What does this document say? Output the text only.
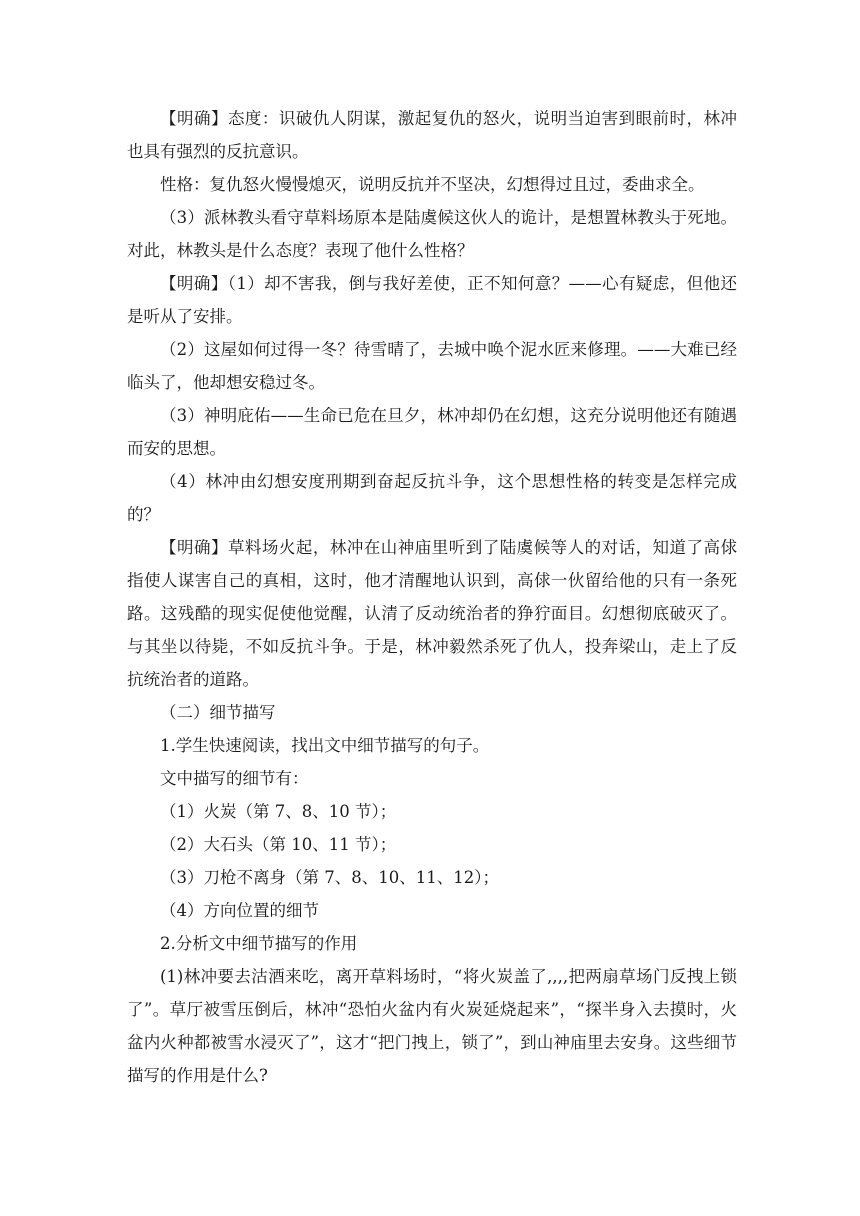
【明确】态度：识破仇人阴谋，激起复仇的怒火，说明当迫害到眼前时，林冲也具有强烈的反抗意识。

性格：复仇怒火慢慢熄灭，说明反抗并不坚决，幻想得过且过，委曲求全。

（3）派林教头看守草料场原本是陆虞候这伙人的诡计，是想置林教头于死地。对此，林教头是什么态度？表现了他什么性格？

【明确】（1）却不害我，倒与我好差使，正不知何意？——心有疑虑，但他还是听从了安排。

（2）这屋如何过得一冬？待雪晴了，去城中唤个泥水匠来修理。——大难已经临头了，他却想安稳过冬。

（3）神明庇佑——生命已危在旦夕，林冲却仍在幻想，这充分说明他还有随遇而安的思想。

（4）林冲由幻想安度刑期到奋起反抗斗争，这个思想性格的转变是怎样完成的？

【明确】草料场火起，林冲在山神庙里听到了陆虞候等人的对话，知道了高俅指使人谋害自己的真相，这时，他才清醒地认识到，高俅一伙留给他的只有一条死路。这残酷的现实促使他觉醒，认清了反动统治者的狰狞面目。幻想彻底破灭了。与其坐以待毙，不如反抗斗争。于是，林冲毅然杀死了仇人，投奔梁山，走上了反抗统治者的道路。

（二）细节描写

1.学生快速阅读，找出文中细节描写的句子。

文中描写的细节有：

（1）火炭（第 7、8、10 节）；

（2）大石头（第 10、11 节）；

（3）刀枪不离身（第 7、8、10、11、12）；

（4）方向位置的细节

2.分析文中细节描写的作用

(1)林冲要去沽酒来吃，离开草料场时，“将火炭盖了,,,,把两扇草场门反拽上锁了”。草厅被雪压倒后，林冲“恐怕火盆内有火炭延烧起来”，“探半身入去摸时，火盆内火种都被雪水浸灭了”，这才“把门拽上，锁了”，到山神庙里去安身。这些细节描写的作用是什么?
